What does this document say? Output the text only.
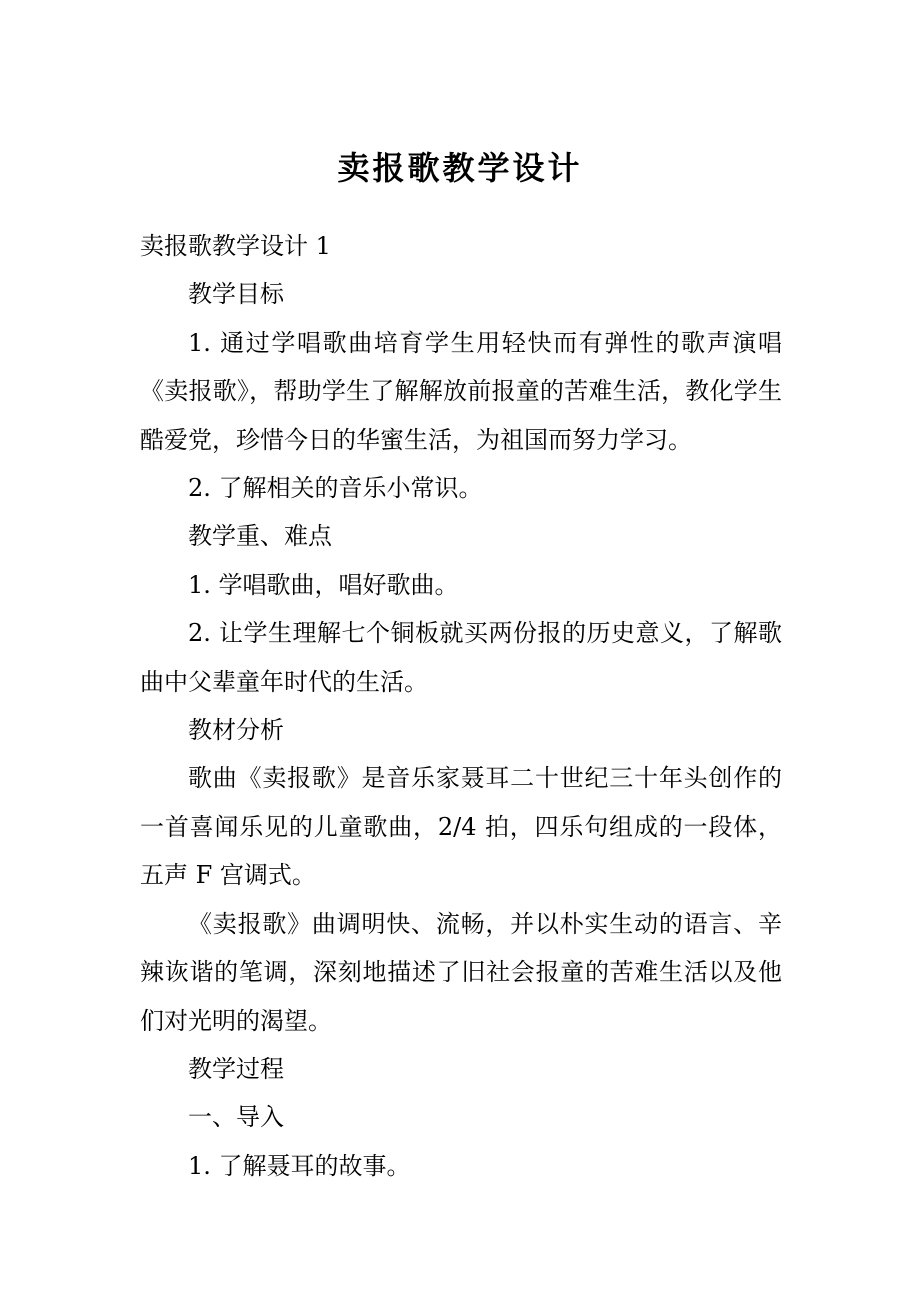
卖报歌教学设计

卖报歌教学设计 1

教学目标

1. 通过学唱歌曲培育学生用轻快而有弹性的歌声演唱《卖报歌》，帮助学生了解解放前报童的苦难生活，教化学生酷爱党，珍惜今日的华蜜生活，为祖国而努力学习。

2. 了解相关的音乐小常识。

教学重、难点

1. 学唱歌曲，唱好歌曲。

2. 让学生理解七个铜板就买两份报的历史意义，了解歌曲中父辈童年时代的生活。

教材分析

歌曲《卖报歌》是音乐家聂耳二十世纪三十年头创作的一首喜闻乐见的儿童歌曲，2/4 拍，四乐句组成的一段体，五声 F 宫调式。

《卖报歌》曲调明快、流畅，并以朴实生动的语言、辛辣诙谐的笔调，深刻地描述了旧社会报童的苦难生活以及他们对光明的渴望。

教学过程

一、导入

1. 了解聂耳的故事。
